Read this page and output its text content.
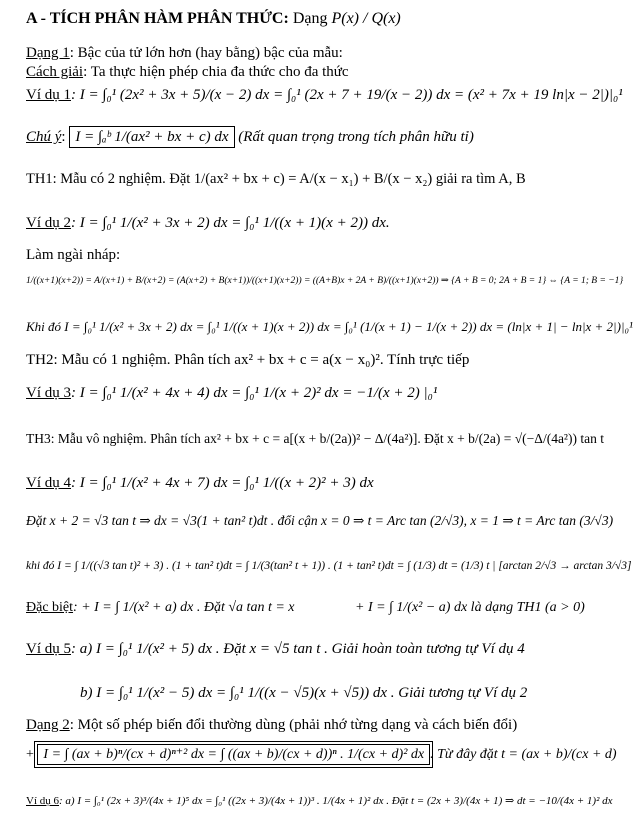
A - TÍCH PHÂN HÀM PHÂN THỨC: Dạng P(x) / Q(x)
Dạng 1: Bậc của tử lớn hơn (hay bằng) bậc của mẫu:
Cách giải: Ta thực hiện phép chia đa thức cho đa thức
Ví dụ 1: I = ∫₀¹ (2x² + 3x + 5)/(x − 2) dx = ∫₀¹ (2x + 7 + 19/(x − 2)) dx = (x² + 7x + 19 ln|x − 2|)|₀¹
Chú ý: I = ∫ₐᵇ 1/(ax² + bx + c) dx (Rất quan trọng trong tích phân hữu tỉ)
TH1: Mẫu có 2 nghiệm. Đặt 1/(ax² + bx + c) = A/(x − x₁) + B/(x − x₂) giải ra tìm A, B
Ví dụ 2: I = ∫₀¹ 1/(x² + 3x + 2) dx = ∫₀¹ 1/((x + 1)(x + 2)) dx.
Làm ngài nháp:
1/((x+1)(x+2)) = A/(x+1) + B/(x+2) = (A(x+2) + B(x+1))/((x+1)(x+2)) = ((A+B)x + 2A + B)/((x+1)(x+2)) ⇒ {A + B = 0; 2A + B = 1} ⇔ {A = 1; B = −1}
Khi đó I = ∫₀¹ 1/(x² + 3x + 2) dx = ∫₀¹ 1/((x + 1)(x + 2)) dx = ∫₀¹ (1/(x + 1) − 1/(x + 2)) dx = (ln|x + 1| − ln|x + 2|)|₀¹
TH2: Mẫu có 1 nghiệm. Phân tích ax² + bx + c = a(x − x₀)². Tính trực tiếp
Ví dụ 3: I = ∫₀¹ 1/(x² + 4x + 4) dx = ∫₀¹ 1/(x + 2)² dx = −1/(x + 2) |₀¹
TH3: Mẫu vô nghiệm. Phân tích ax² + bx + c = a[(x + b/(2a))² − Δ/(4a²)]. Đặt x + b/(2a) = √(−Δ/(4a²)) tan t
Ví dụ 4: I = ∫₀¹ 1/(x² + 4x + 7) dx = ∫₀¹ 1/((x + 2)² + 3) dx
Đặt x + 2 = √3 tan t ⇒ dx = √3(1 + tan² t)dt . đổi cận x = 0 ⇒ t = Arc tan (2/√3), x = 1 ⇒ t = Arc tan (3/√3)
khi đó I = ∫ 1/((√3 tan t)² + 3) . (1 + tan² t)dt = ∫ 1/(3(tan² t + 1)) . (1 + tan² t)dt = ∫ (1/3) dt = (1/3) t | [arctan 2/√3 → arctan 3/√3]
Đặc biệt: + I = ∫ 1/(x² + a) dx . Đặt √a tan t = x	+ I = ∫ 1/(x² − a) dx là dạng TH1 (a > 0)
Ví dụ 5: a) I = ∫₀¹ 1/(x² + 5) dx . Đặt x = √5 tan t . Giải hoàn toàn tương tự Ví dụ 4
b) I = ∫₀¹ 1/(x² − 5) dx = ∫₀¹ 1/((x − √5)(x + √5)) dx . Giải tương tự Ví dụ 2
Dạng 2: Một số phép biến đổi thường dùng (phải nhớ từng dạng và cách biến đổi)
+ I = ∫ (ax + b)ⁿ/(cx + d)ⁿ⁺² dx = ∫ ((ax + b)/(cx + d))ⁿ . 1/(cx + d)² dx . Từ đây đặt t = (ax + b)/(cx + d)
Ví dụ 6: a) I = ∫₀¹ (2x + 3)³/(4x + 1)⁵ dx = ∫₀¹ ((2x + 3)/(4x + 1))³ . 1/(4x + 1)² dx . Đặt t = (2x + 3)/(4x + 1) ⇒ dt = −10/(4x + 1)² dx
